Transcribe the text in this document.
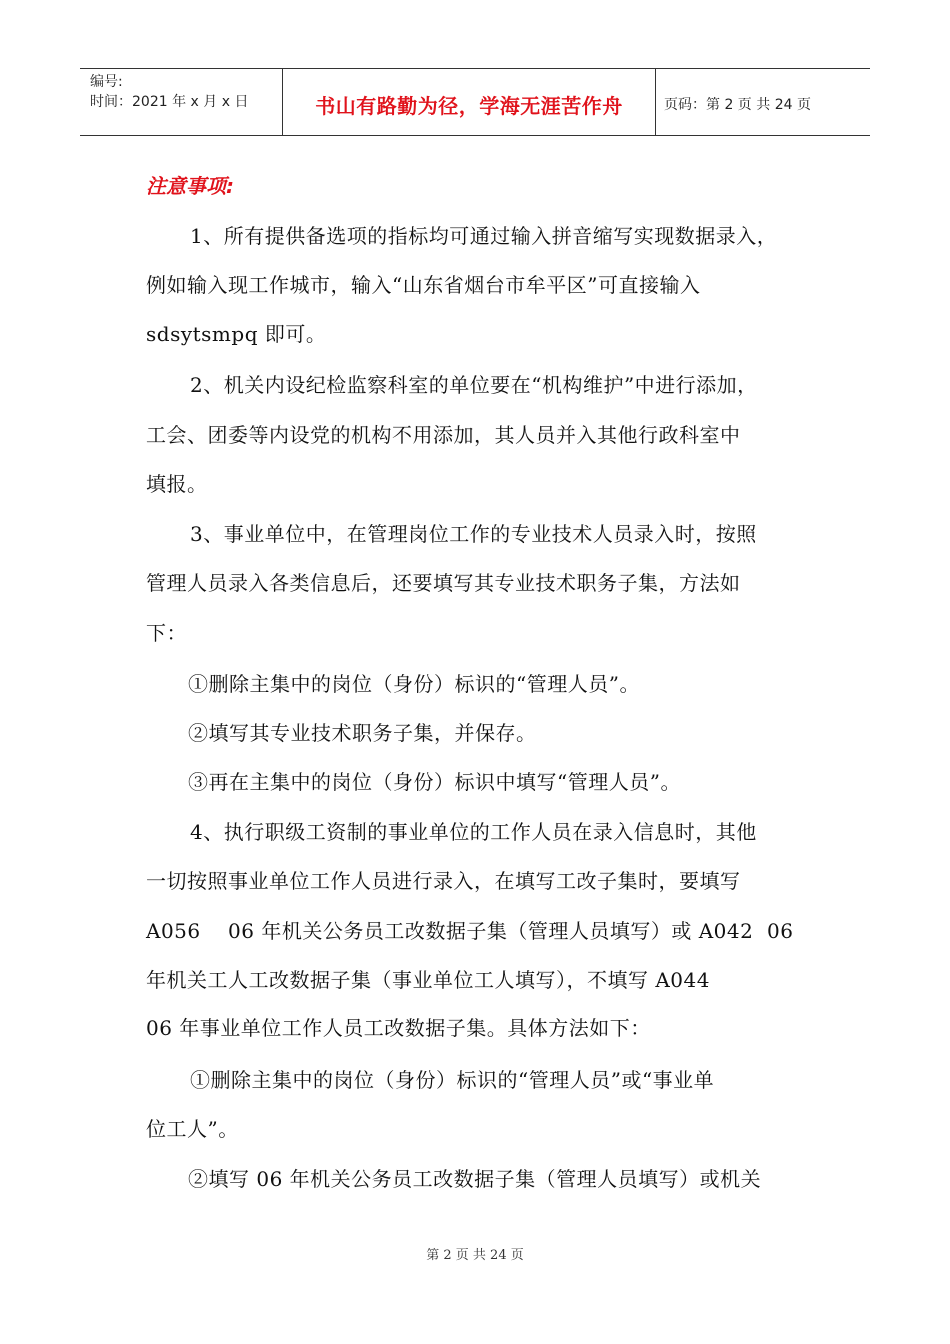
编号:
时间：2021 年 x 月 x 日	书山有路勤为径，学海无涯苦作舟	页码：第 2 页 共 24 页
注意事项:
1、所有提供备选项的指标均可通过输入拼音缩写实现数据录入，
例如输入现工作城市，输入“山东省烟台市牟平区”可直接输入
sdsytsmpq 即可。
2、机关内设纪检监察科室的单位要在“机构维护”中进行添加，
工会、团委等内设党的机构不用添加，其人员并入其他行政科室中
填报。
3、事业单位中，在管理岗位工作的专业技术人员录入时，按照
管理人员录入各类信息后，还要填写其专业技术职务子集，方法如
下：
①删除主集中的岗位（身份）标识的“管理人员”。
②填写其专业技术职务子集，并保存。
③再在主集中的岗位（身份）标识中填写“管理人员”。
4、执行职级工资制的事业单位的工作人员在录入信息时，其他
一切按照事业单位工作人员进行录入，在填写工改子集时，要填写
A056    06 年机关公务员工改数据子集（管理人员填写）或 A042  06
年机关工人工改数据子集（事业单位工人填写），不填写 A044
06 年事业单位工作人员工改数据子集。具体方法如下：
①删除主集中的岗位（身份）标识的“管理人员”或“事业单
位工人”。
②填写 06 年机关公务员工改数据子集（管理人员填写）或机关
第 2 页 共 24 页
